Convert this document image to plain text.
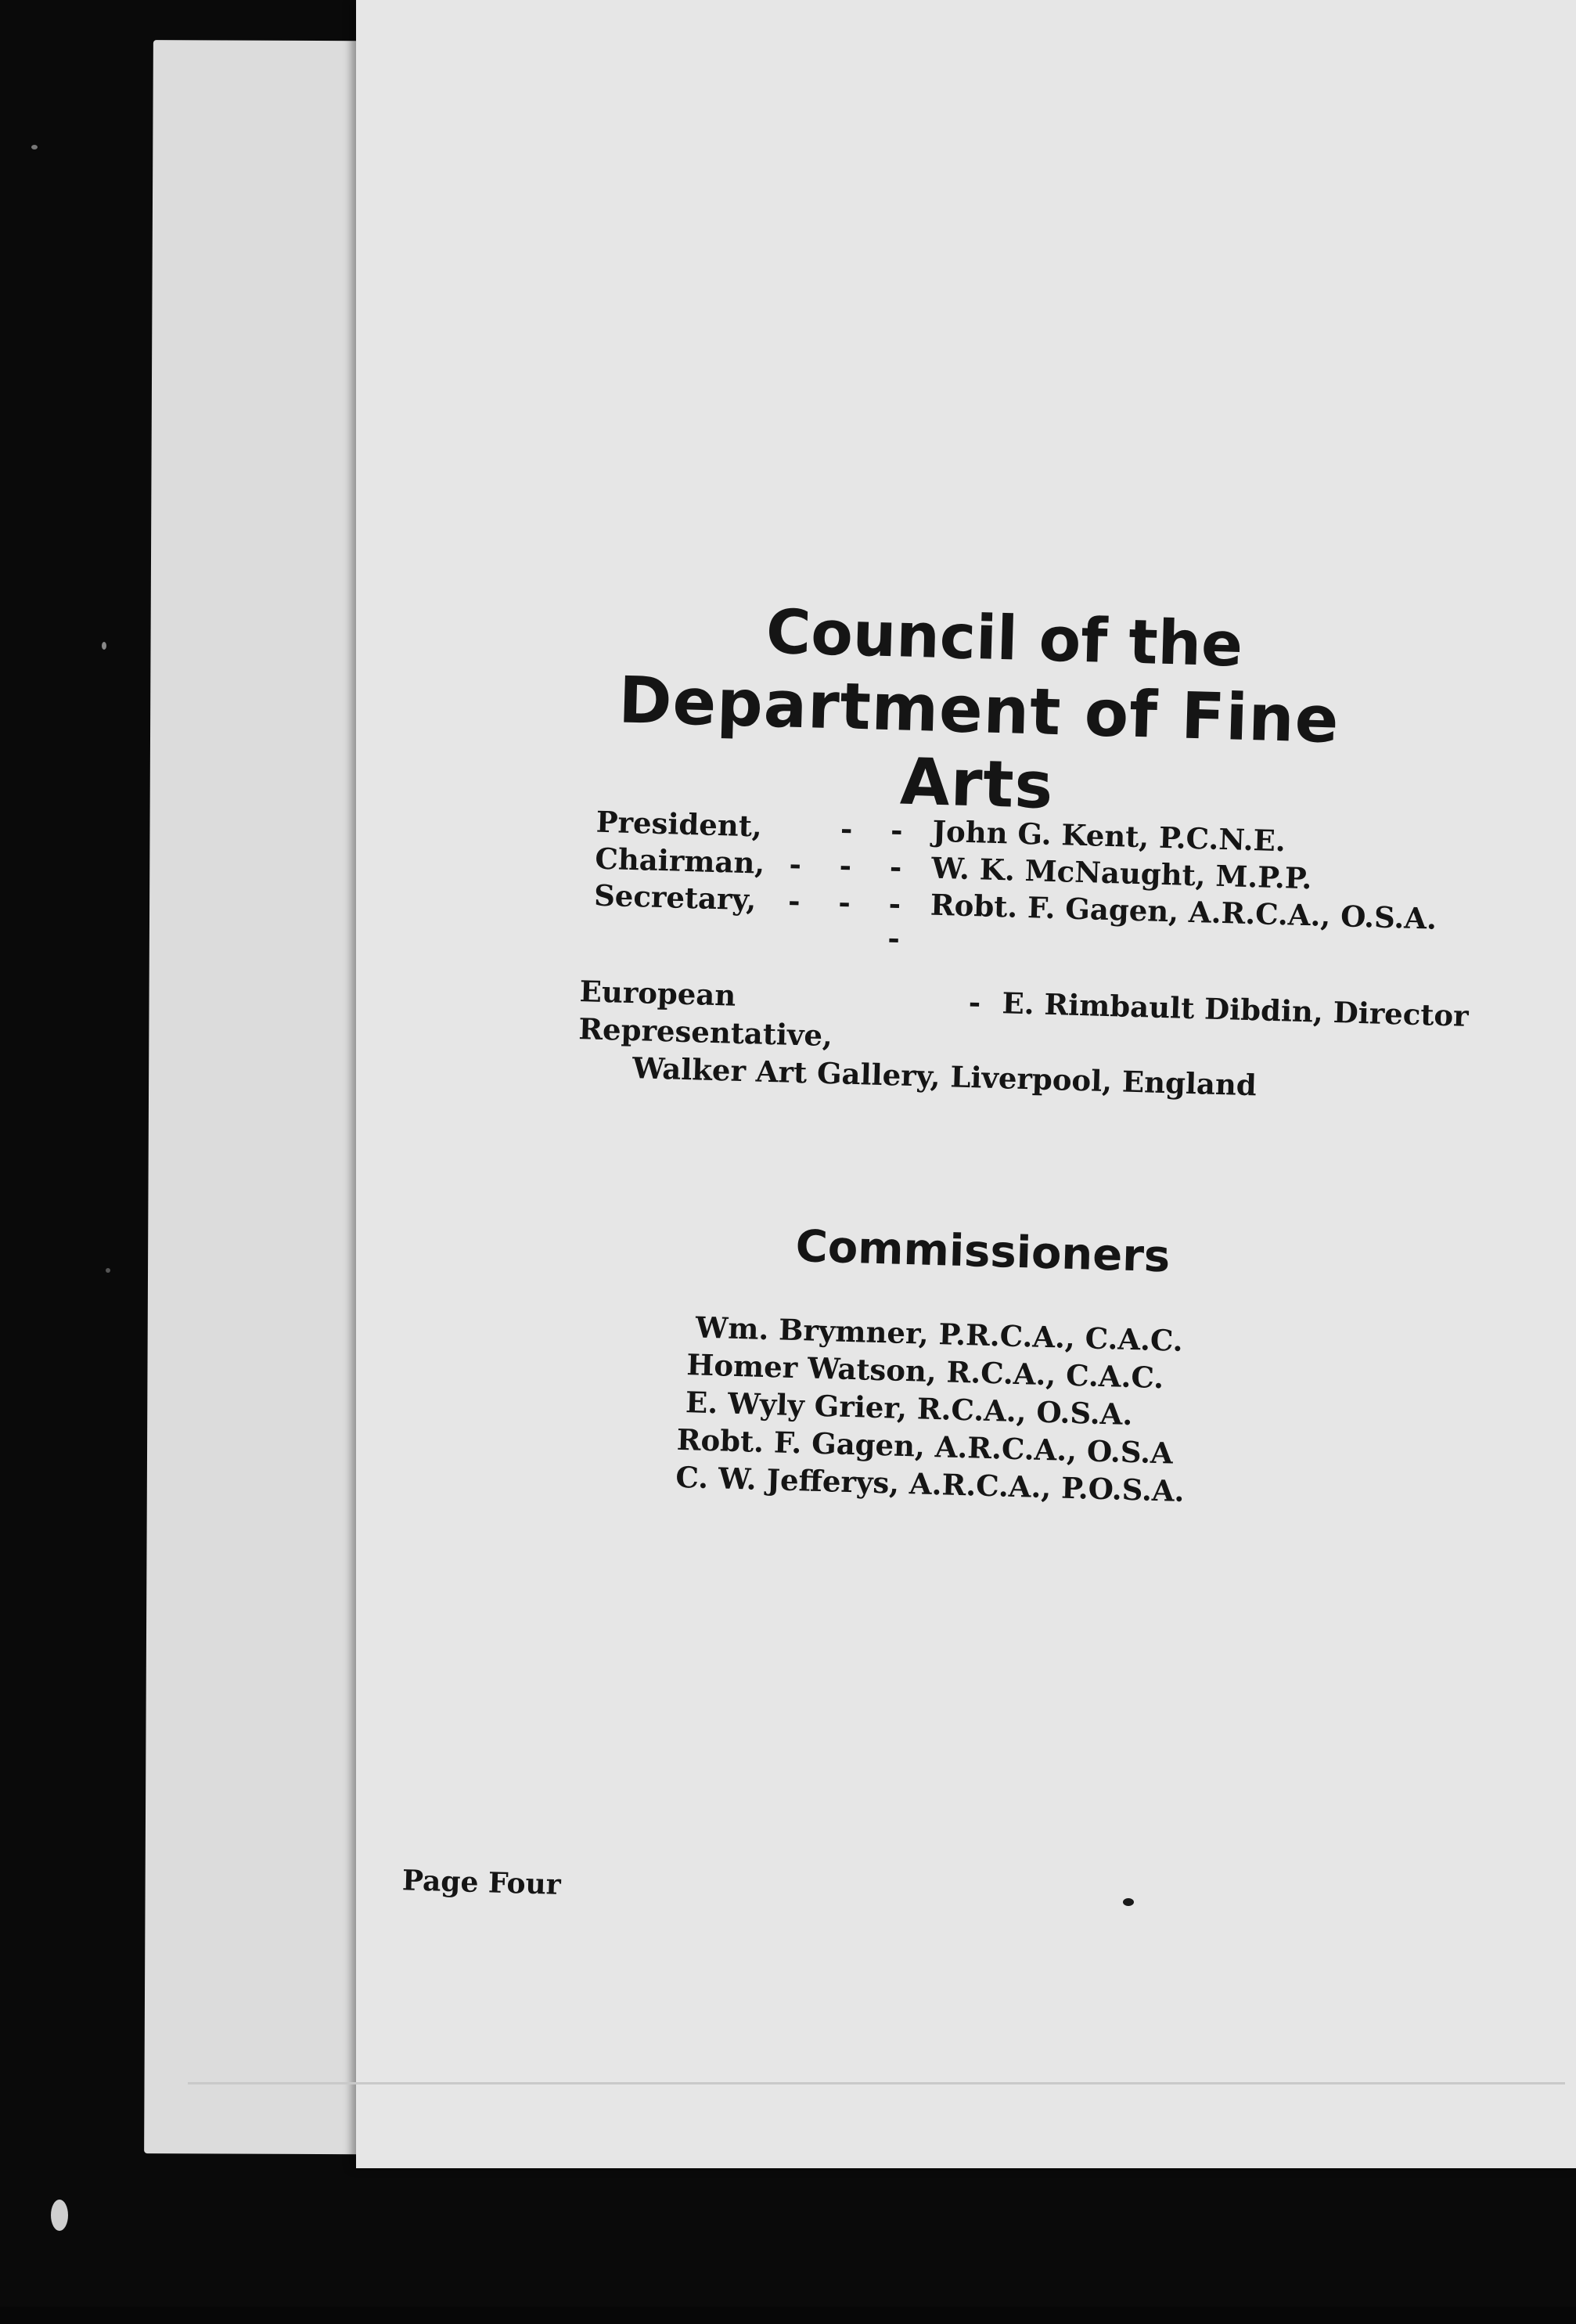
Council of the
Department of Fine Arts
President,	- - John G. Kent, P.C.N.E.
Chairman, - - - W. K. McNaught, M.P.P.
Secretary,	- - - -
Robt. F. Gagen, A.R.C.A., O.S.A.
European Representative,
- E. Rimbault Dibdin, Director
Walker Art Gallery, Liverpool, England
Commissioners
Wm. Brymner, P.R.C.A., C.A.C.
Homer Watson, R.C.A., C.A.C.
E. Wyly Grier, R.C.A., O.S.A.
Robt. F. Gagen, A.R.C.A., O.S.A
C. W. Jefferys, A.R.C.A., P.O.S.A.
Page Four
